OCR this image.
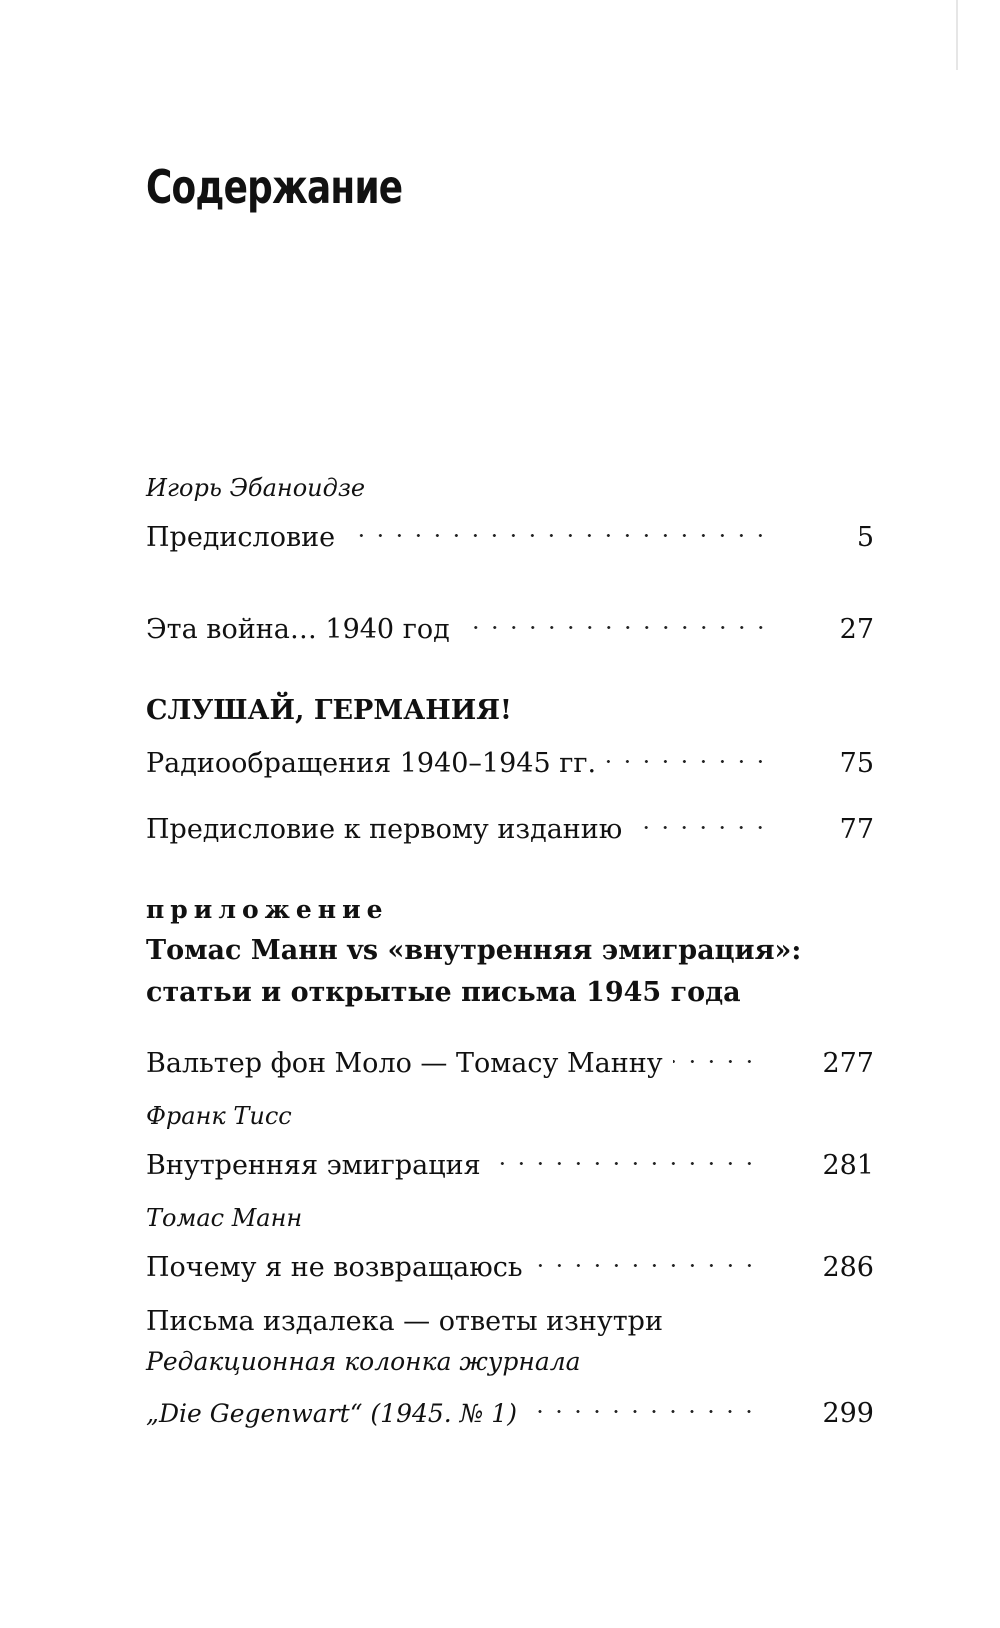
Содержание
Игорь Эбаноидзе
Предисловие	5
Эта война… 1940 год	27
СЛУШАЙ, ГЕРМАНИЯ!
Радиообращения 1940–1945 гг.	75
Предисловие к первому изданию	77
приложение
Томас Манн vs «внутренняя эмиграция»:
статьи и открытые письма 1945 года
Вальтер фон Моло — Томасу Манну	277
Франк Тисс
Внутренняя эмиграция	281
Томас Манн
Почему я не возвращаюсь	286
Письма издалека — ответы изнутри
Редакционная колонка журнала
„Die Gegenwart“ (1945. № 1)	299
